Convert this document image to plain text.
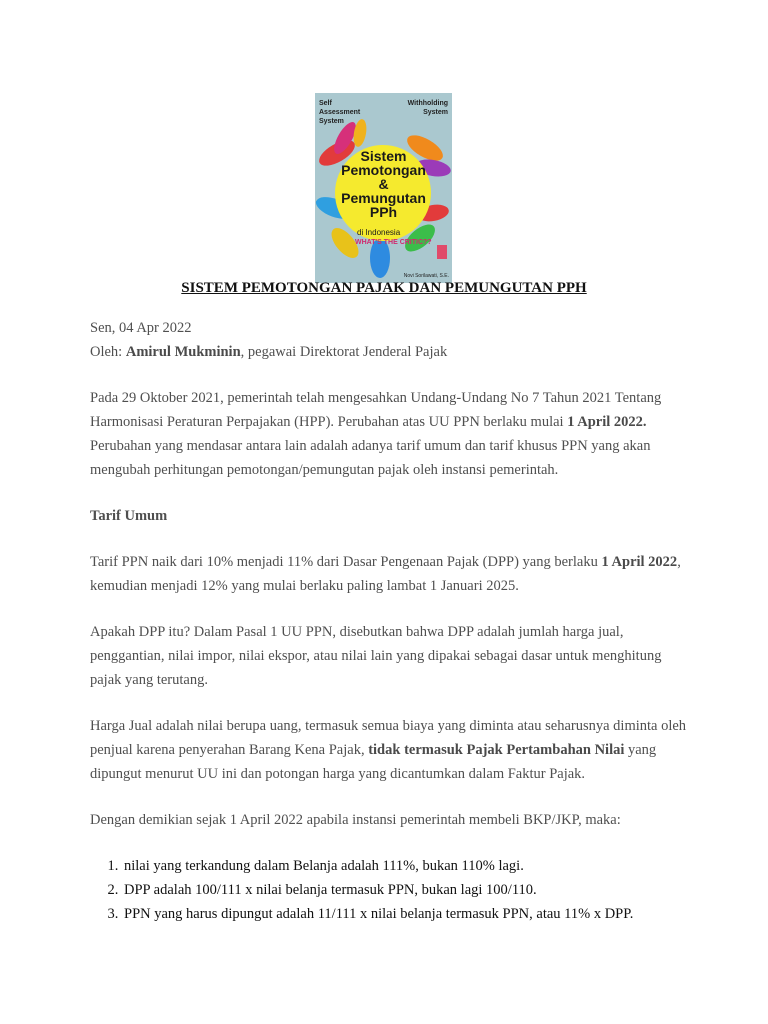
Self Assessment System
Withholding System
Sistem
Pemotongan
&
Pemungutan
PPh
di Indonesia
WHAT'S THE CRITIC??
Novi Sorilawati, S.E.
SISTEM PEMOTONGAN PAJAK DAN PEMUNGUTAN PPH

Sen, 04 Apr 2022

Oleh: Amirul Mukminin, pegawai Direktorat Jenderal Pajak

Pada 29 Oktober 2021, pemerintah telah mengesahkan Undang-Undang No 7 Tahun 2021 Tentang Harmonisasi Peraturan Perpajakan (HPP). Perubahan atas UU PPN berlaku mulai 1 April 2022. Perubahan yang mendasar antara lain adalah adanya tarif umum dan tarif khusus PPN yang akan mengubah perhitungan pemotongan/pemungutan pajak oleh instansi pemerintah.

Tarif Umum

Tarif PPN naik dari 10% menjadi 11% dari Dasar Pengenaan Pajak (DPP) yang berlaku 1 April 2022, kemudian menjadi 12% yang mulai berlaku paling lambat 1 Januari 2025.

Apakah DPP itu? Dalam Pasal 1 UU PPN, disebutkan bahwa DPP adalah jumlah harga jual, penggantian, nilai impor, nilai ekspor, atau nilai lain yang dipakai sebagai dasar untuk menghitung pajak yang terutang.

Harga Jual adalah nilai berupa uang, termasuk semua biaya yang diminta atau seharusnya diminta oleh penjual karena penyerahan Barang Kena Pajak, tidak termasuk Pajak Pertambahan Nilai yang dipungut menurut UU ini dan potongan harga yang dicantumkan dalam Faktur Pajak.

Dengan demikian sejak 1 April 2022 apabila instansi pemerintah membeli BKP/JKP, maka:

1. nilai yang terkandung dalam Belanja adalah 111%, bukan 110% lagi.
2. DPP adalah 100/111 x nilai belanja termasuk PPN, bukan lagi 100/110.
3. PPN yang harus dipungut adalah 11/111 x nilai belanja termasuk PPN, atau 11% x DPP.
